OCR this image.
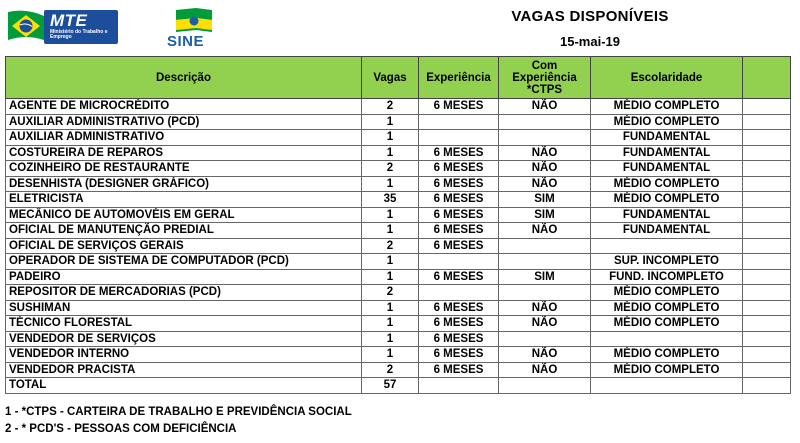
MTE
Ministério do Trabalho e Emprego	SINE
VAGAS DISPONÍVEIS
15-mai-19
Descrição	Vagas	Experiência	Com Experiência *CTPS	Escolaridade	
AGENTE DE MICROCRÉDITO	2	6 MESES	NÃO	MÉDIO COMPLETO	
AUXILIAR ADMINISTRATIVO (PCD)	1			MÉDIO COMPLETO	
AUXILIAR ADMINISTRATIVO	1			FUNDAMENTAL	
COSTUREIRA DE REPAROS	1	6 MESES	NÃO	FUNDAMENTAL	
COZINHEIRO DE RESTAURANTE	2	6 MESES	NÃO	FUNDAMENTAL	
DESENHISTA (DESIGNER GRÁFICO)	1	6 MESES	NÃO	MÉDIO COMPLETO	
ELETRICISTA	35	6 MESES	SIM	MÉDIO COMPLETO	
MECÂNICO DE AUTOMOVÉIS EM GERAL	1	6 MESES	SIM	FUNDAMENTAL	
OFICIAL DE MANUTENÇÃO PREDIAL	1	6 MESES	NÃO	FUNDAMENTAL	
OFICIAL DE SERVIÇOS GERAIS	2	6 MESES			
OPERADOR DE SISTEMA DE COMPUTADOR (PCD)	1			SUP. INCOMPLETO	
PADEIRO	1	6 MESES	SIM	FUND. INCOMPLETO	
REPOSITOR DE MERCADORIAS (PCD)	2			MÉDIO COMPLETO	
SUSHIMAN	1	6 MESES	NÃO	MÉDIO COMPLETO	
TÉCNICO FLORESTAL	1	6 MESES	NÃO	MÉDIO COMPLETO	
VENDEDOR DE SERVIÇOS	1	6 MESES			
VENDEDOR INTERNO	1	6 MESES	NÃO	MÉDIO COMPLETO	
VENDEDOR PRACISTA	2	6 MESES	NÃO	MÉDIO COMPLETO	
TOTAL	57				
1 - *CTPS - CARTEIRA DE TRABALHO E PREVIDÊNCIA SOCIAL
2 - * PCD'S - PESSOAS COM DEFICIÊNCIA
